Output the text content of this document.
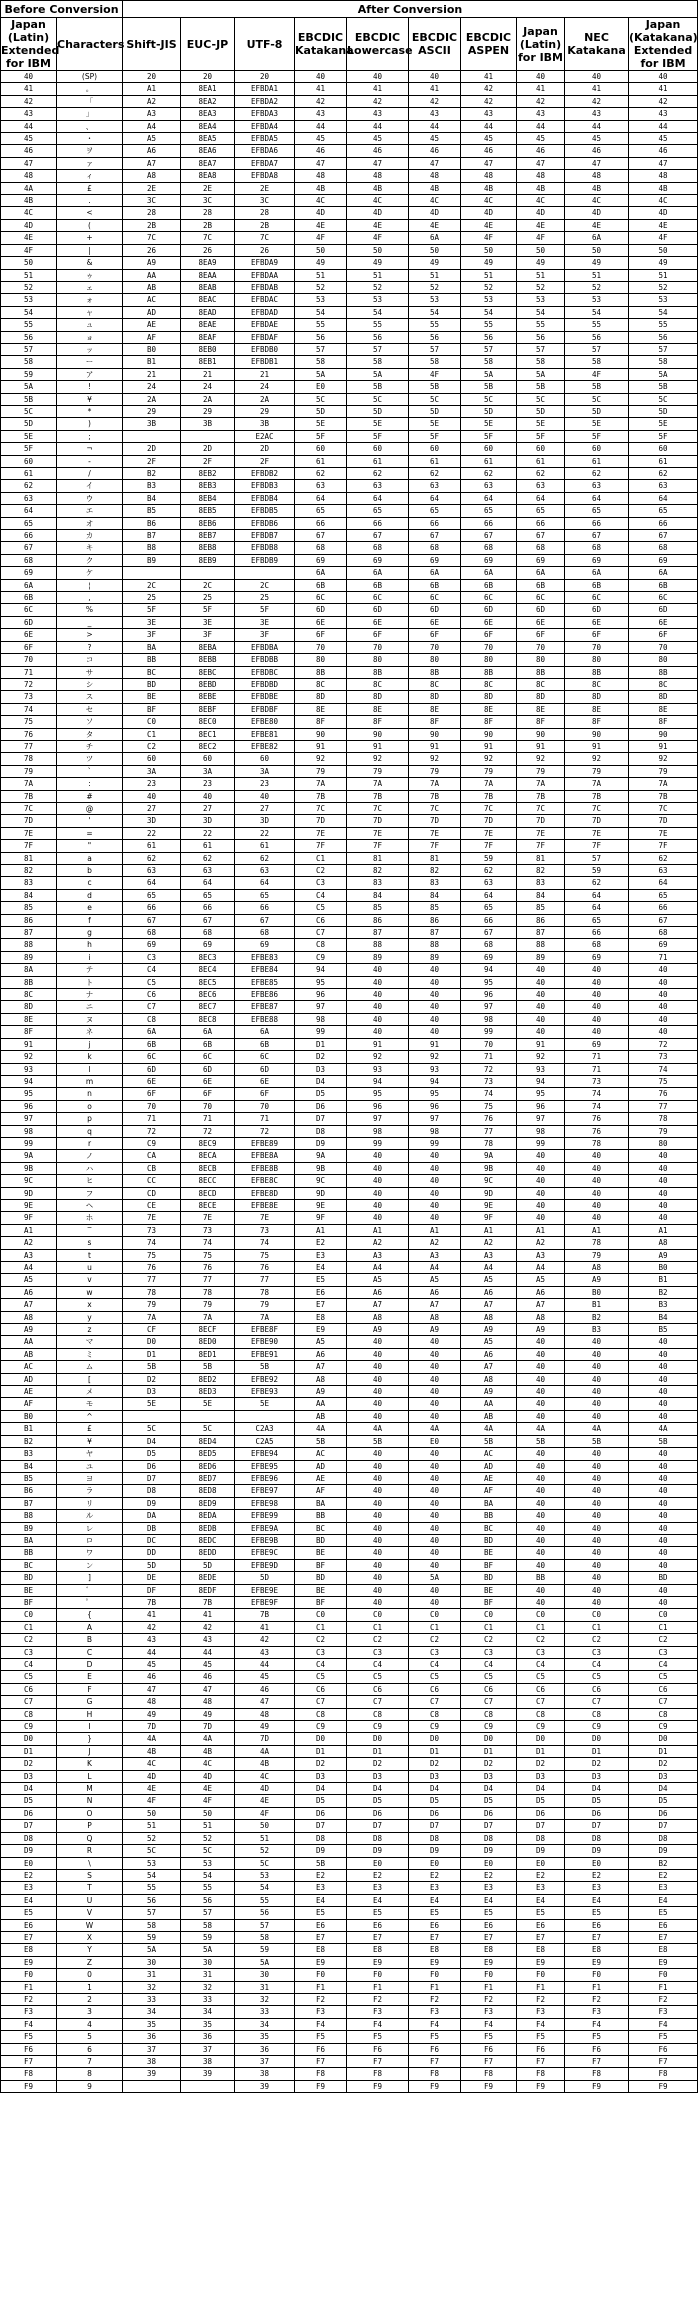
Before Conversion		After Conversion									
Japan (Latin) Extended for IBM	Characters	Shift-JIS	EUC-JP	UTF-8	EBCDIC Katakana	EBCDIC Lowercase	EBCDIC ASCII	EBCDIC ASPEN	Japan (Latin) for IBM	NEC Katakana	Japan (Katakana) Extended for IBM
40	(SP)	20	20	20	40	40	40	41	40	40	40
41	。	A1	8EA1	EFBDA1	41	41	41	42	41	41	41
42	「	A2	8EA2	EFBDA2	42	42	42	42	42	42	42
43	」	A3	8EA3	EFBDA3	43	43	43	43	43	43	43
44	、	A4	8EA4	EFBDA4	44	44	44	44	44	44	44
45	・	A5	8EA5	EFBDA5	45	45	45	45	45	45	45
46	ヲ	A6	8EA6	EFBDA6	46	46	46	46	46	46	46
47	ァ	A7	8EA7	EFBDA7	47	47	47	47	47	47	47
48	ィ	A8	8EA8	EFBDA8	48	48	48	48	48	48	48
4A	£	2E	2E	2E	4B	4B	4B	4B	4B	4B	4B
4B	.	3C	3C	3C	4C	4C	4C	4C	4C	4C	4C
4C	<	28	28	28	4D	4D	4D	4D	4D	4D	4D
4D	(	2B	2B	2B	4E	4E	4E	4E	4E	4E	4E
4E	+	7C	7C	7C	4F	4F	6A	4F	4F	6A	4F
4F	|	26	26	26	50	50	50	50	50	50	50
50	&	A9	8EA9	EFBDA9	49	49	49	49	49	49	49
51	ゥ	AA	8EAA	EFBDAA	51	51	51	51	51	51	51
52	ェ	AB	8EAB	EFBDAB	52	52	52	52	52	52	52
53	ォ	AC	8EAC	EFBDAC	53	53	53	53	53	53	53
54	ャ	AD	8EAD	EFBDAD	54	54	54	54	54	54	54
55	ュ	AE	8EAE	EFBDAE	55	55	55	55	55	55	55
56	ョ	AF	8EAF	EFBDAF	56	56	56	56	56	56	56
57	ッ	B0	8EB0	EFBDB0	57	57	57	57	57	57	57
58	ー	B1	8EB1	EFBDB1	58	58	58	58	58	58	58
59	ア	21	21	21	5A	5A	4F	5A	5A	4F	5A
5A	!	24	24	24	E0	5B	5B	5B	5B	5B	5B
5B	¥	2A	2A	2A	5C	5C	5C	5C	5C	5C	5C
5C	*	29	29	29	5D	5D	5D	5D	5D	5D	5D
5D	)	3B	3B	3B	5E	5E	5E	5E	5E	5E	5E
5E	;			E2AC	5F	5F	5F	5F	5F	5F	5F
5F	¬	2D	2D	2D	60	60	60	60	60	60	60
60	-	2F	2F	2F	61	61	61	61	61	61	61
61	/	B2	8EB2	EFBDB2	62	62	62	62	62	62	62
62	イ	B3	8EB3	EFBDB3	63	63	63	63	63	63	63
63	ウ	B4	8EB4	EFBDB4	64	64	64	64	64	64	64
64	エ	B5	8EB5	EFBDB5	65	65	65	65	65	65	65
65	オ	B6	8EB6	EFBDB6	66	66	66	66	66	66	66
66	カ	B7	8EB7	EFBDB7	67	67	67	67	67	67	67
67	キ	B8	8EB8	EFBDB8	68	68	68	68	68	68	68
68	ク	B9	8EB9	EFBDB9	69	69	69	69	69	69	69
69	ケ				6A	6A	6A	6A	6A	6A	6A
6A	¦	2C	2C	2C	6B	6B	6B	6B	6B	6B	6B
6B	,	25	25	25	6C	6C	6C	6C	6C	6C	6C
6C	%	5F	5F	5F	6D	6D	6D	6D	6D	6D	6D
6D	_	3E	3E	3E	6E	6E	6E	6E	6E	6E	6E
6E	>	3F	3F	3F	6F	6F	6F	6F	6F	6F	6F
6F	?	BA	8EBA	EFBDBA	70	70	70	70	70	70	70
70	コ	BB	8EBB	EFBDBB	80	80	80	80	80	80	80
71	サ	BC	8EBC	EFBDBC	8B	8B	8B	8B	8B	8B	8B
72	シ	BD	8EBD	EFBDBD	8C	8C	8C	8C	8C	8C	8C
73	ス	BE	8EBE	EFBDBE	8D	8D	8D	8D	8D	8D	8D
74	セ	BF	8EBF	EFBDBF	8E	8E	8E	8E	8E	8E	8E
75	ソ	C0	8EC0	EFBE80	8F	8F	8F	8F	8F	8F	8F
76	タ	C1	8EC1	EFBE81	90	90	90	90	90	90	90
77	チ	C2	8EC2	EFBE82	91	91	91	91	91	91	91
78	ツ	60	60	60	92	92	92	92	92	92	92
79	`	3A	3A	3A	79	79	79	79	79	79	79
7A	:	23	23	23	7A	7A	7A	7A	7A	7A	7A
7B	#	40	40	40	7B	7B	7B	7B	7B	7B	7B
7C	@	27	27	27	7C	7C	7C	7C	7C	7C	7C
7D	'	3D	3D	3D	7D	7D	7D	7D	7D	7D	7D
7E	=	22	22	22	7E	7E	7E	7E	7E	7E	7E
7F	"	61	61	61	7F	7F	7F	7F	7F	7F	7F
81	a	62	62	62	C1	81	81	59	81	57	62
82	b	63	63	63	C2	82	82	62	82	59	63
83	c	64	64	64	C3	83	83	63	83	62	64
84	d	65	65	65	C4	84	84	64	84	64	65
85	e	66	66	66	C5	85	85	65	85	64	66
86	f	67	67	67	C6	86	86	66	86	65	67
87	g	68	68	68	C7	87	87	67	87	66	68
88	h	69	69	69	C8	88	88	68	88	68	69
89	i	C3	8EC3	EFBE83	C9	89	89	69	89	69	71
8A	テ	C4	8EC4	EFBE84	94	40	40	94	40	40	40
8B	ト	C5	8EC5	EFBE85	95	40	40	95	40	40	40
8C	ナ	C6	8EC6	EFBE86	96	40	40	96	40	40	40
8D	ニ	C7	8EC7	EFBE87	97	40	40	97	40	40	40
8E	ヌ	C8	8EC8	EFBE88	98	40	40	98	40	40	40
8F	ネ	6A	6A	6A	99	40	40	99	40	40	40
91	j	6B	6B	6B	D1	91	91	70	91	69	72
92	k	6C	6C	6C	D2	92	92	71	92	71	73
93	l	6D	6D	6D	D3	93	93	72	93	71	74
94	m	6E	6E	6E	D4	94	94	73	94	73	75
95	n	6F	6F	6F	D5	95	95	74	95	74	76
96	o	70	70	70	D6	96	96	75	96	74	77
97	p	71	71	71	D7	97	97	76	97	76	78
98	q	72	72	72	D8	98	98	77	98	76	79
99	r	C9	8EC9	EFBE89	D9	99	99	78	99	78	80
9A	ノ	CA	8ECA	EFBE8A	9A	40	40	9A	40	40	40
9B	ハ	CB	8ECB	EFBE8B	9B	40	40	9B	40	40	40
9C	ヒ	CC	8ECC	EFBE8C	9C	40	40	9C	40	40	40
9D	フ	CD	8ECD	EFBE8D	9D	40	40	9D	40	40	40
9E	ヘ	CE	8ECE	EFBE8E	9E	40	40	9E	40	40	40
9F	ホ	7E	7E	7E	9F	40	40	9F	40	40	40
A1	‾	73	73	73	A1	A1	A1	A1	A1	A1	A1
A2	s	74	74	74	E2	A2	A2	A2	A2	78	A8
A3	t	75	75	75	E3	A3	A3	A3	A3	79	A9
A4	u	76	76	76	E4	A4	A4	A4	A4	A8	B0
A5	v	77	77	77	E5	A5	A5	A5	A5	A9	B1
A6	w	78	78	78	E6	A6	A6	A6	A6	B0	B2
A7	x	79	79	79	E7	A7	A7	A7	A7	B1	B3
A8	y	7A	7A	7A	E8	A8	A8	A8	A8	B2	B4
A9	z	CF	8ECF	EFBE8F	E9	A9	A9	A9	A9	B3	B5
AA	マ	D0	8ED0	EFBE90	A5	40	40	A5	40	40	40
AB	ミ	D1	8ED1	EFBE91	A6	40	40	A6	40	40	40
AC	ム	5B	5B	5B	A7	40	40	A7	40	40	40
AD	[	D2	8ED2	EFBE92	A8	40	40	A8	40	40	40
AE	メ	D3	8ED3	EFBE93	A9	40	40	A9	40	40	40
AF	モ	5E	5E	5E	AA	40	40	AA	40	40	40
B0	^				AB	40	40	AB	40	40	40
B1	£	5C	5C	C2A3	4A	4A	4A	4A	4A	4A	4A
B2	¥	D4	8ED4	C2A5	5B	5B	E0	5B	5B	5B	5B
B3	ヤ	D5	8ED5	EFBE94	AC	40	40	AC	40	40	40
B4	ユ	D6	8ED6	EFBE95	AD	40	40	AD	40	40	40
B5	ヨ	D7	8ED7	EFBE96	AE	40	40	AE	40	40	40
B6	ラ	D8	8ED8	EFBE97	AF	40	40	AF	40	40	40
B7	リ	D9	8ED9	EFBE98	BA	40	40	BA	40	40	40
B8	ル	DA	8EDA	EFBE99	BB	40	40	BB	40	40	40
B9	レ	DB	8EDB	EFBE9A	BC	40	40	BC	40	40	40
BA	ロ	DC	8EDC	EFBE9B	BD	40	40	BD	40	40	40
BB	ワ	DD	8EDD	EFBE9C	BE	40	40	BE	40	40	40
BC	ン	5D	5D	EFBE9D	BF	40	40	BF	40	40	40
BD	]	DE	8EDE	5D	BD	40	5A	BD	BB	40	BD
BE	゛	DF	8EDF	EFBE9E	BE	40	40	BE	40	40	40
BF	゜	7B	7B	EFBE9F	BF	40	40	BF	40	40	40
C0	{	41	41	7B	C0	C0	C0	C0	C0	C0	C0
C1	A	42	42	41	C1	C1	C1	C1	C1	C1	C1
C2	B	43	43	42	C2	C2	C2	C2	C2	C2	C2
C3	C	44	44	43	C3	C3	C3	C3	C3	C3	C3
C4	D	45	45	44	C4	C4	C4	C4	C4	C4	C4
C5	E	46	46	45	C5	C5	C5	C5	C5	C5	C5
C6	F	47	47	46	C6	C6	C6	C6	C6	C6	C6
C7	G	48	48	47	C7	C7	C7	C7	C7	C7	C7
C8	H	49	49	48	C8	C8	C8	C8	C8	C8	C8
C9	I	7D	7D	49	C9	C9	C9	C9	C9	C9	C9
D0	}	4A	4A	7D	D0	D0	D0	D0	D0	D0	D0
D1	J	4B	4B	4A	D1	D1	D1	D1	D1	D1	D1
D2	K	4C	4C	4B	D2	D2	D2	D2	D2	D2	D2
D3	L	4D	4D	4C	D3	D3	D3	D3	D3	D3	D3
D4	M	4E	4E	4D	D4	D4	D4	D4	D4	D4	D4
D5	N	4F	4F	4E	D5	D5	D5	D5	D5	D5	D5
D6	O	50	50	4F	D6	D6	D6	D6	D6	D6	D6
D7	P	51	51	50	D7	D7	D7	D7	D7	D7	D7
D8	Q	52	52	51	D8	D8	D8	D8	D8	D8	D8
D9	R	5C	5C	52	D9	D9	D9	D9	D9	D9	D9
E0	\	53	53	5C	5B	E0	E0	E0	E0	E0	B2
E2	S	54	54	53	E2	E2	E2	E2	E2	E2	E2
E3	T	55	55	54	E3	E3	E3	E3	E3	E3	E3
E4	U	56	56	55	E4	E4	E4	E4	E4	E4	E4
E5	V	57	57	56	E5	E5	E5	E5	E5	E5	E5
E6	W	58	58	57	E6	E6	E6	E6	E6	E6	E6
E7	X	59	59	58	E7	E7	E7	E7	E7	E7	E7
E8	Y	5A	5A	59	E8	E8	E8	E8	E8	E8	E8
E9	Z	30	30	5A	E9	E9	E9	E9	E9	E9	E9
F0	0	31	31	30	F0	F0	F0	F0	F0	F0	F0
F1	1	32	32	31	F1	F1	F1	F1	F1	F1	F1
F2	2	33	33	32	F2	F2	F2	F2	F2	F2	F2
F3	3	34	34	33	F3	F3	F3	F3	F3	F3	F3
F4	4	35	35	34	F4	F4	F4	F4	F4	F4	F4
F5	5	36	36	35	F5	F5	F5	F5	F5	F5	F5
F6	6	37	37	36	F6	F6	F6	F6	F6	F6	F6
F7	7	38	38	37	F7	F7	F7	F7	F7	F7	F7
F8	8	39	39	38	F8	F8	F8	F8	F8	F8	F8
F9	9			39	F9	F9	F9	F9	F9	F9	F9
